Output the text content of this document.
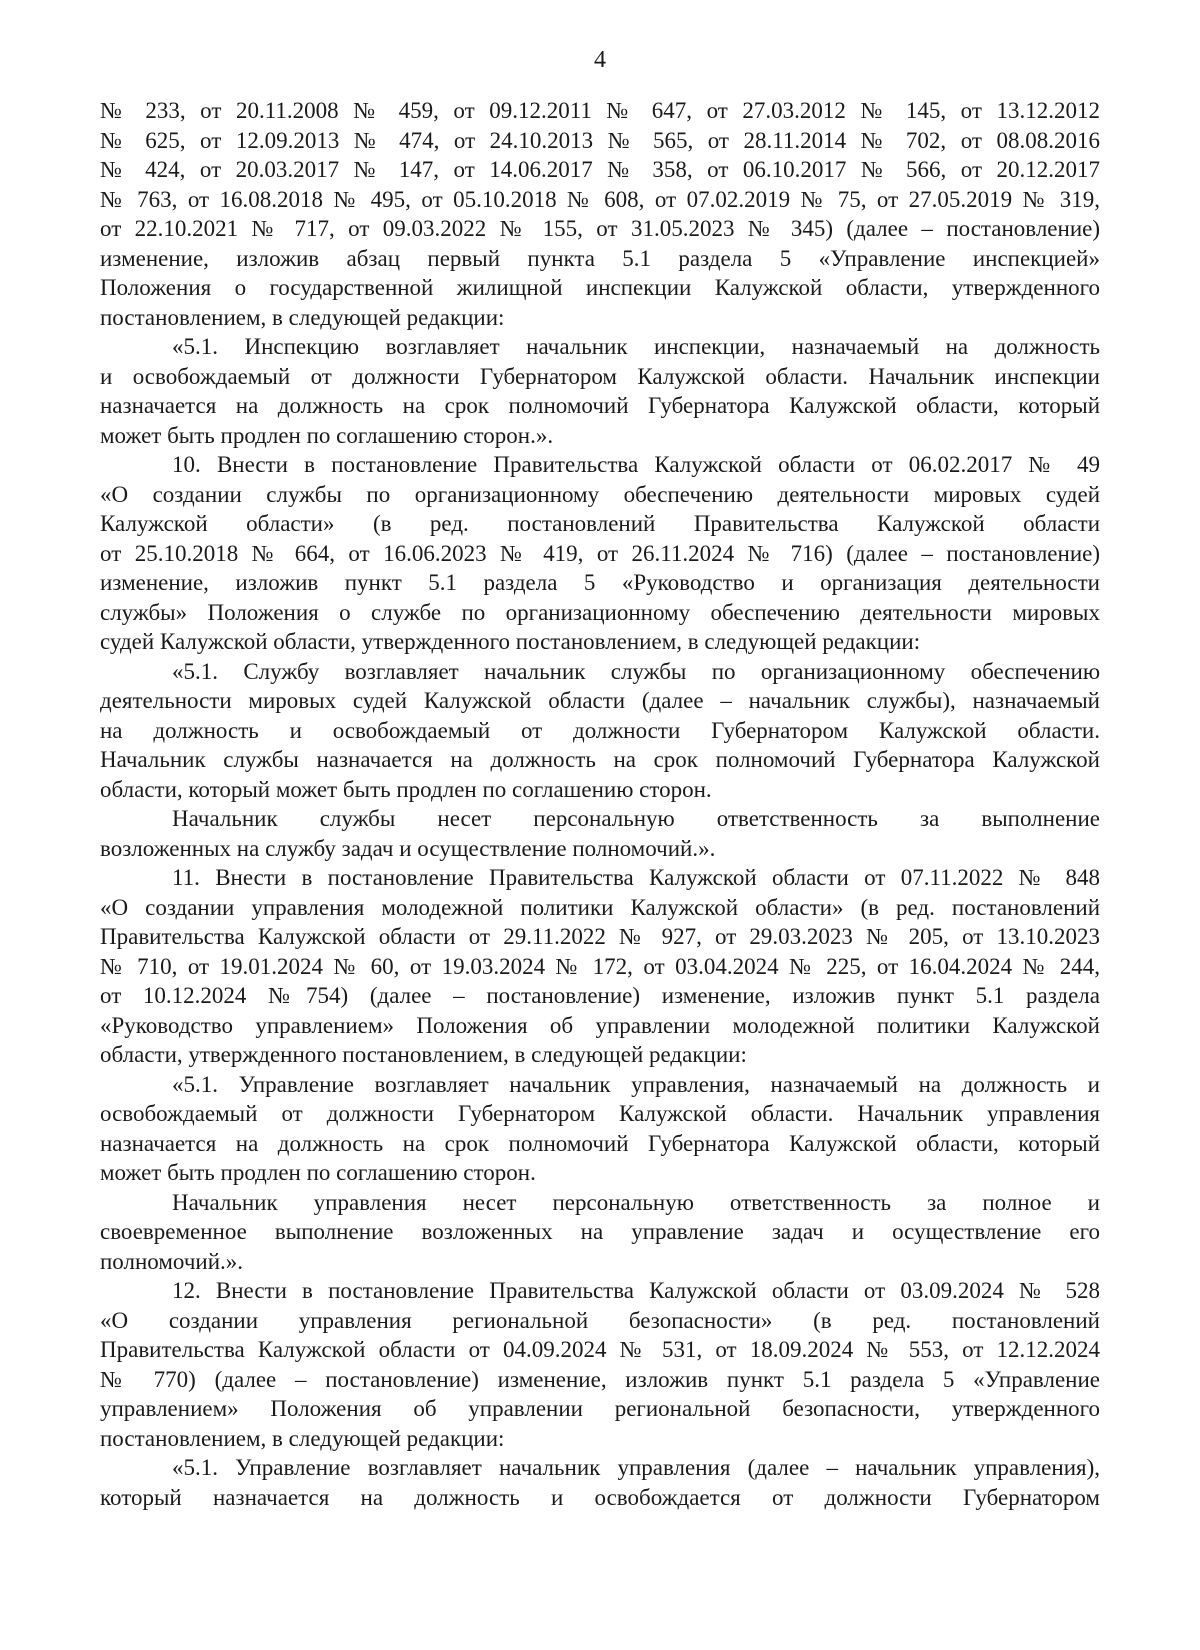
4
№ 233, от 20.11.2008 № 459, от 09.12.2011 № 647, от 27.03.2012 № 145, от 13.12.2012
№ 625, от 12.09.2013 № 474, от 24.10.2013 № 565, от 28.11.2014 № 702, от 08.08.2016
№ 424, от 20.03.2017 № 147, от 14.06.2017 № 358, от 06.10.2017 № 566, от 20.12.2017
№ 763, от 16.08.2018 № 495, от 05.10.2018 № 608, от 07.02.2019 № 75, от 27.05.2019 № 319,
от 22.10.2021 № 717, от 09.03.2022 № 155, от 31.05.2023 № 345) (далее – постановление)
изменение, изложив абзац первый пункта 5.1 раздела 5 «Управление инспекцией»
Положения о государственной жилищной инспекции Калужской области, утвержденного
постановлением, в следующей редакции:
«5.1. Инспекцию возглавляет начальник инспекции, назначаемый на должность
и освобождаемый от должности Губернатором Калужской области. Начальник инспекции
назначается на должность на срок полномочий Губернатора Калужской области, который
может быть продлен по соглашению сторон.».
10. Внести в постановление Правительства Калужской области от 06.02.2017 № 49
«О создании службы по организационному обеспечению деятельности мировых судей
Калужской области» (в ред. постановлений Правительства Калужской области
от 25.10.2018 № 664, от 16.06.2023 № 419, от 26.11.2024 № 716) (далее – постановление)
изменение, изложив пункт 5.1 раздела 5 «Руководство и организация деятельности
службы» Положения о службе по организационному обеспечению деятельности мировых
судей Калужской области, утвержденного постановлением, в следующей редакции:
«5.1. Службу возглавляет начальник службы по организационному обеспечению
деятельности мировых судей Калужской области (далее – начальник службы), назначаемый
на должность и освобождаемый от должности Губернатором Калужской области.
Начальник службы назначается на должность на срок полномочий Губернатора Калужской
области, который может быть продлен по соглашению сторон.
Начальник службы несет персональную ответственность за выполнение
возложенных на службу задач и осуществление полномочий.».
11. Внести в постановление Правительства Калужской области от 07.11.2022 № 848
«О создании управления молодежной политики Калужской области» (в ред. постановлений
Правительства Калужской области от 29.11.2022 № 927, от 29.03.2023 № 205, от 13.10.2023
№ 710, от 19.01.2024 № 60, от 19.03.2024 № 172, от 03.04.2024 № 225, от 16.04.2024 № 244,
от 10.12.2024 №754) (далее – постановление) изменение, изложив пункт 5.1 раздела
«Руководство управлением» Положения об управлении молодежной политики Калужской
области, утвержденного постановлением, в следующей редакции:
«5.1. Управление возглавляет начальник управления, назначаемый на должность и
освобождаемый от должности Губернатором Калужской области. Начальник управления
назначается на должность на срок полномочий Губернатора Калужской области, который
может быть продлен по соглашению сторон.
Начальник управления несет персональную ответственность за полное и
своевременное выполнение возложенных на управление задач и осуществление его
полномочий.».
12. Внести в постановление Правительства Калужской области от 03.09.2024 № 528
«О создании управления региональной безопасности» (в ред. постановлений
Правительства Калужской области от 04.09.2024 № 531, от 18.09.2024 № 553, от 12.12.2024
№ 770) (далее – постановление) изменение, изложив пункт 5.1 раздела 5 «Управление
управлением» Положения об управлении региональной безопасности, утвержденного
постановлением, в следующей редакции:
«5.1. Управление возглавляет начальник управления (далее – начальник управления),
который назначается на должность и освобождается от должности Губернатором
